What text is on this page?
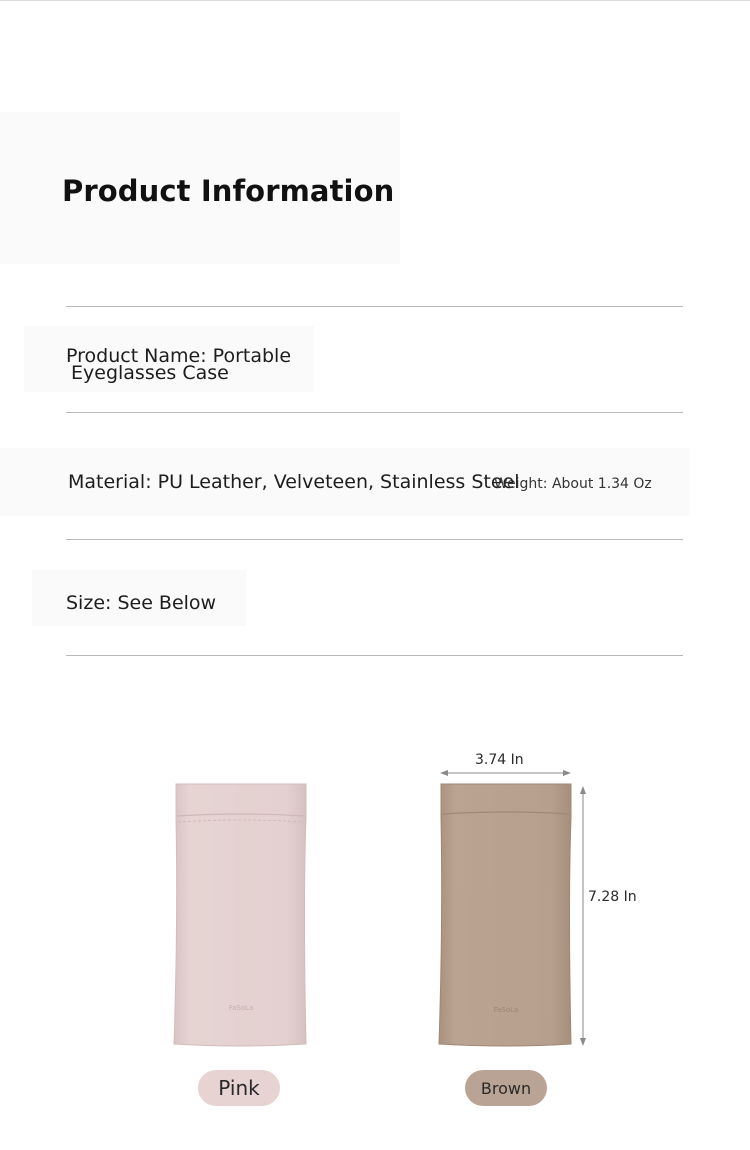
Product Information
Product Name: Portable
Eyeglasses Case
Material: PU Leather, Velveteen, Stainless Steel
Weight: About 1.34 Oz
Size: See Below
FaSoLa	FaSoLa
3.74 In
7.28 In
Pink	Brown
